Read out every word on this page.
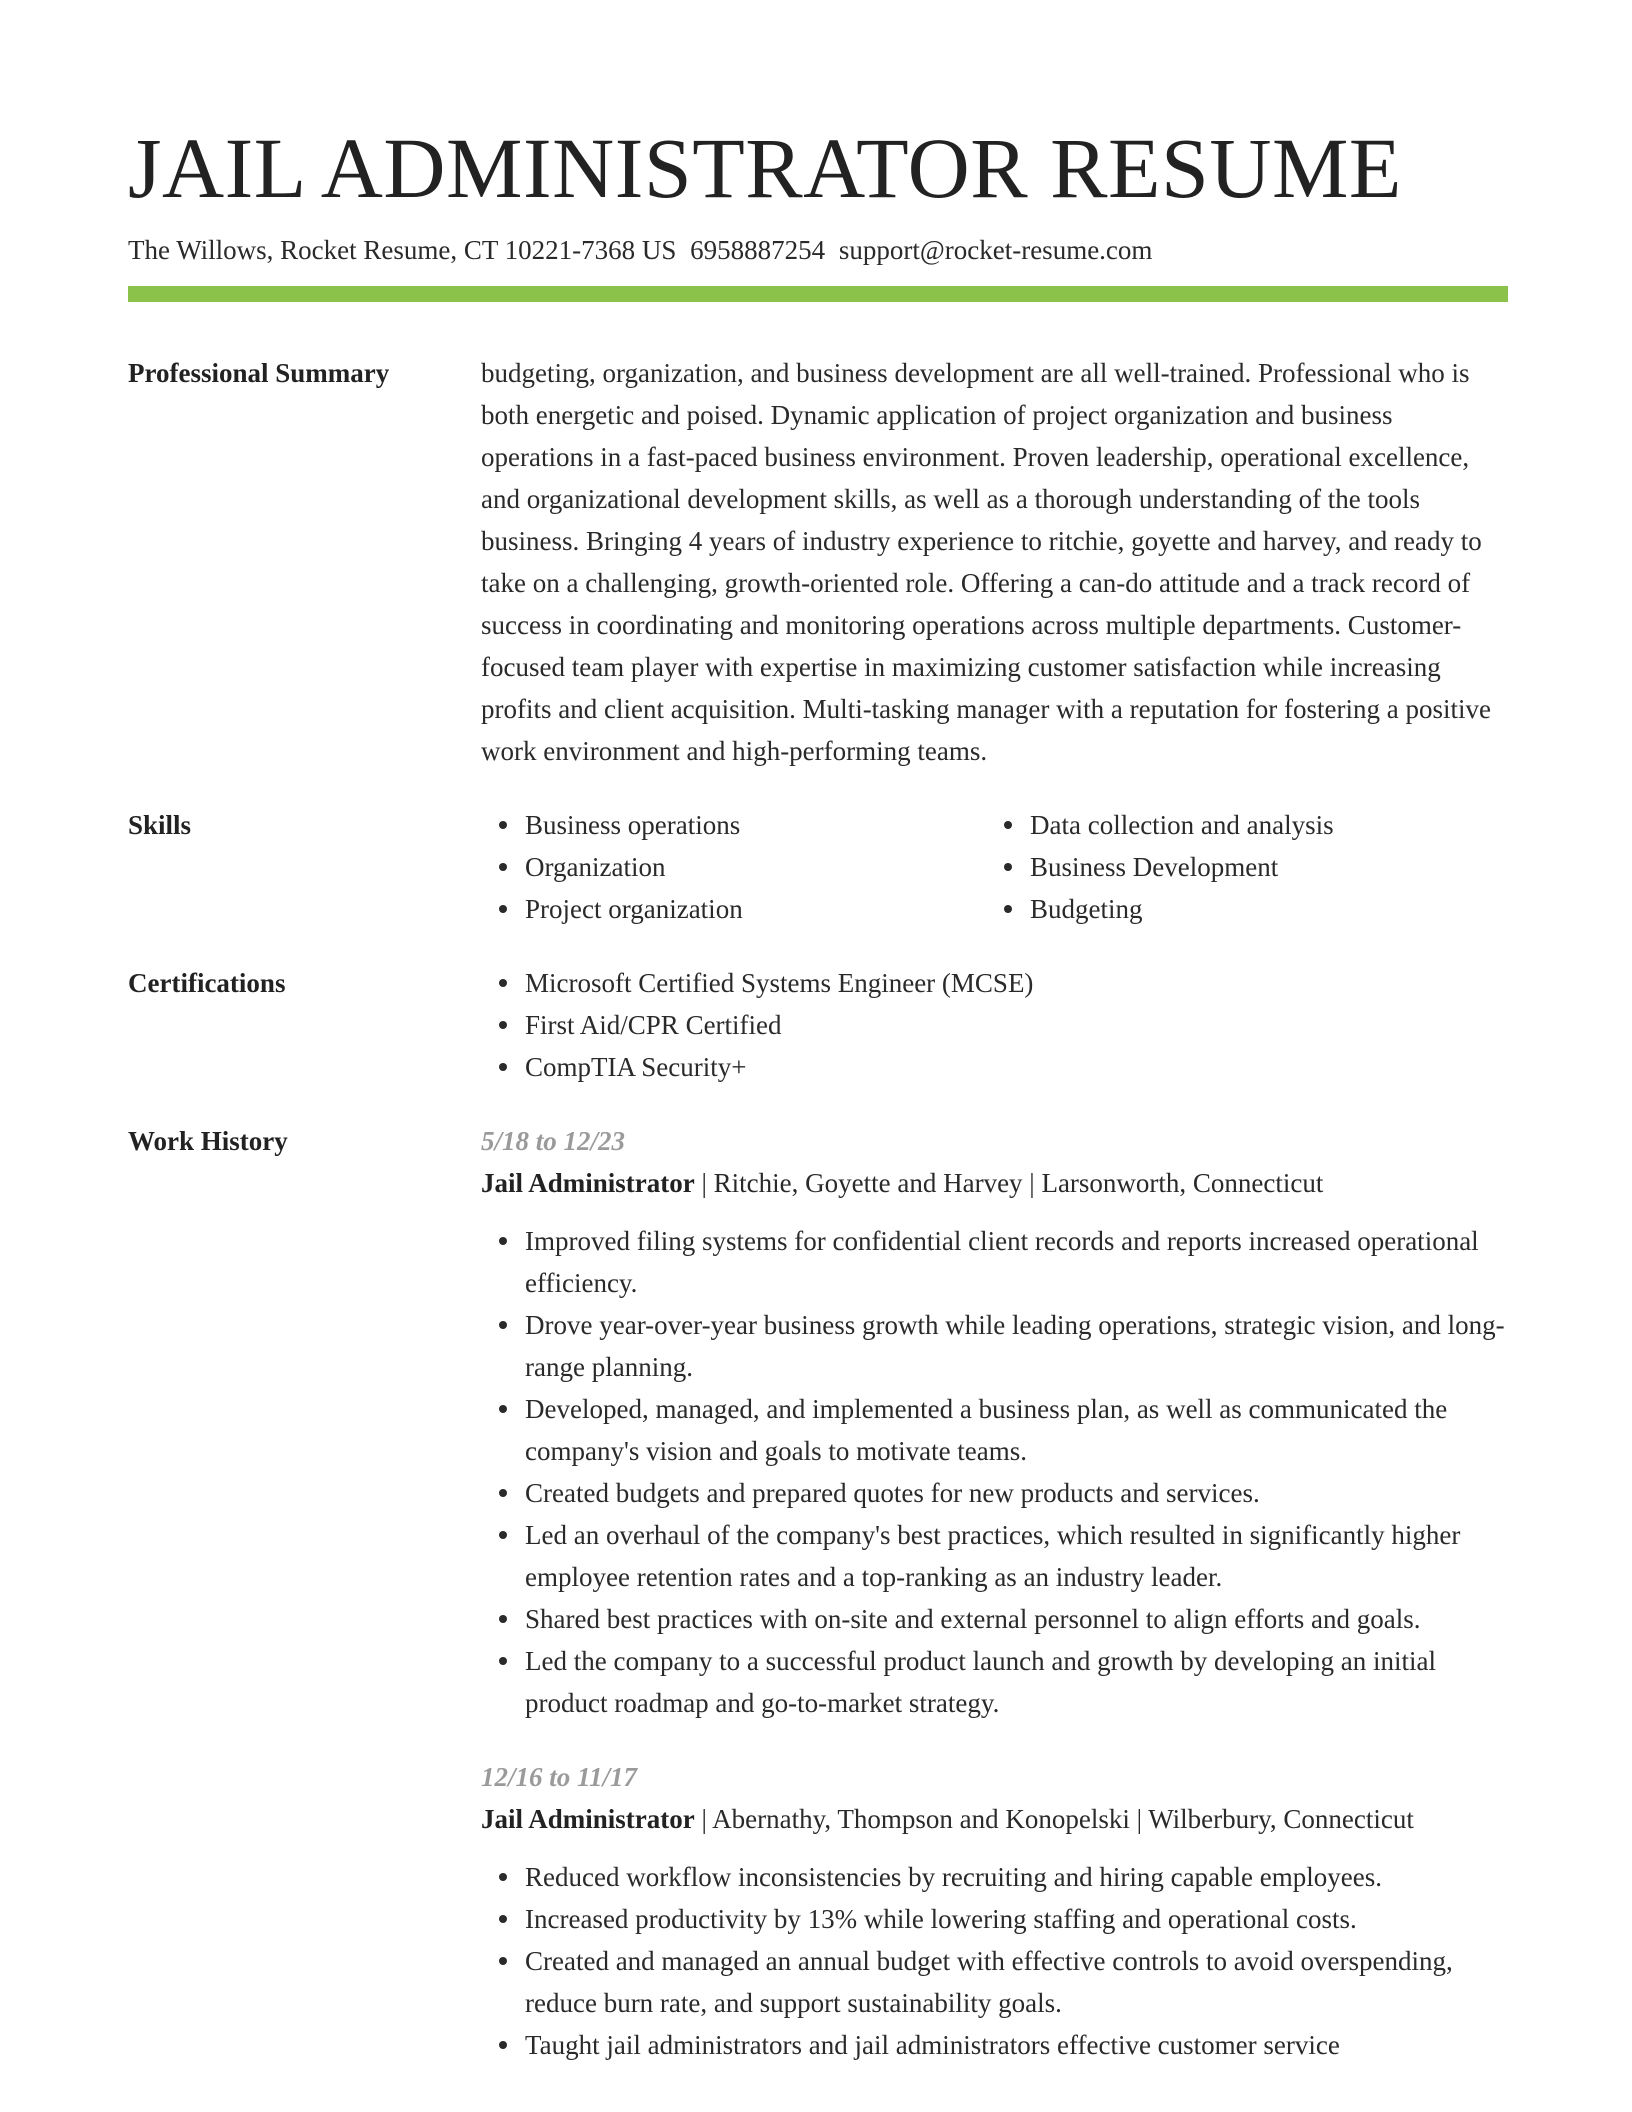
JAIL ADMINISTRATOR RESUME
The Willows, Rocket Resume, CT 10221-7368 US 6958887254 support@rocket-resume.com
Professional Summary	budgeting, organization, and business development are all well-trained. Professional who is both energetic and poised. Dynamic application of project organization and business operations in a fast-paced business environment. Proven leadership, operational excellence, and organizational development skills, as well as a thorough understanding of the tools business. Bringing 4 years of industry experience to ritchie, goyette and harvey, and ready to take on a challenging, growth-oriented role. Offering a can-do attitude and a track record of success in coordinating and monitoring operations across multiple departments. Customer-focused team player with expertise in maximizing customer satisfaction while increasing profits and client acquisition. Multi-tasking manager with a reputation for fostering a positive work environment and high-performing teams.

Skills	Business operations
Organization
Project organization
Data collection and analysis
Business Development
Budgeting
Certifications	Microsoft Certified Systems Engineer (MCSE)
First Aid/CPR Certified
CompTIA Security+
Work History	5/18 to 12/23
Jail Administrator | Ritchie, Goyette and Harvey | Larsonworth, Connecticut
Improved filing systems for confidential client records and reports increased operational efficiency.
Drove year-over-year business growth while leading operations, strategic vision, and long-range planning.
Developed, managed, and implemented a business plan, as well as communicated the company's vision and goals to motivate teams.
Created budgets and prepared quotes for new products and services.
Led an overhaul of the company's best practices, which resulted in significantly higher employee retention rates and a top-ranking as an industry leader.
Shared best practices with on-site and external personnel to align efforts and goals.
Led the company to a successful product launch and growth by developing an initial product roadmap and go-to-market strategy.
12/16 to 11/17
Jail Administrator | Abernathy, Thompson and Konopelski | Wilberbury, Connecticut
Reduced workflow inconsistencies by recruiting and hiring capable employees.
Increased productivity by 13% while lowering staffing and operational costs.
Created and managed an annual budget with effective controls to avoid overspending, reduce burn rate, and support sustainability goals.
Taught jail administrators and jail administrators effective customer service
